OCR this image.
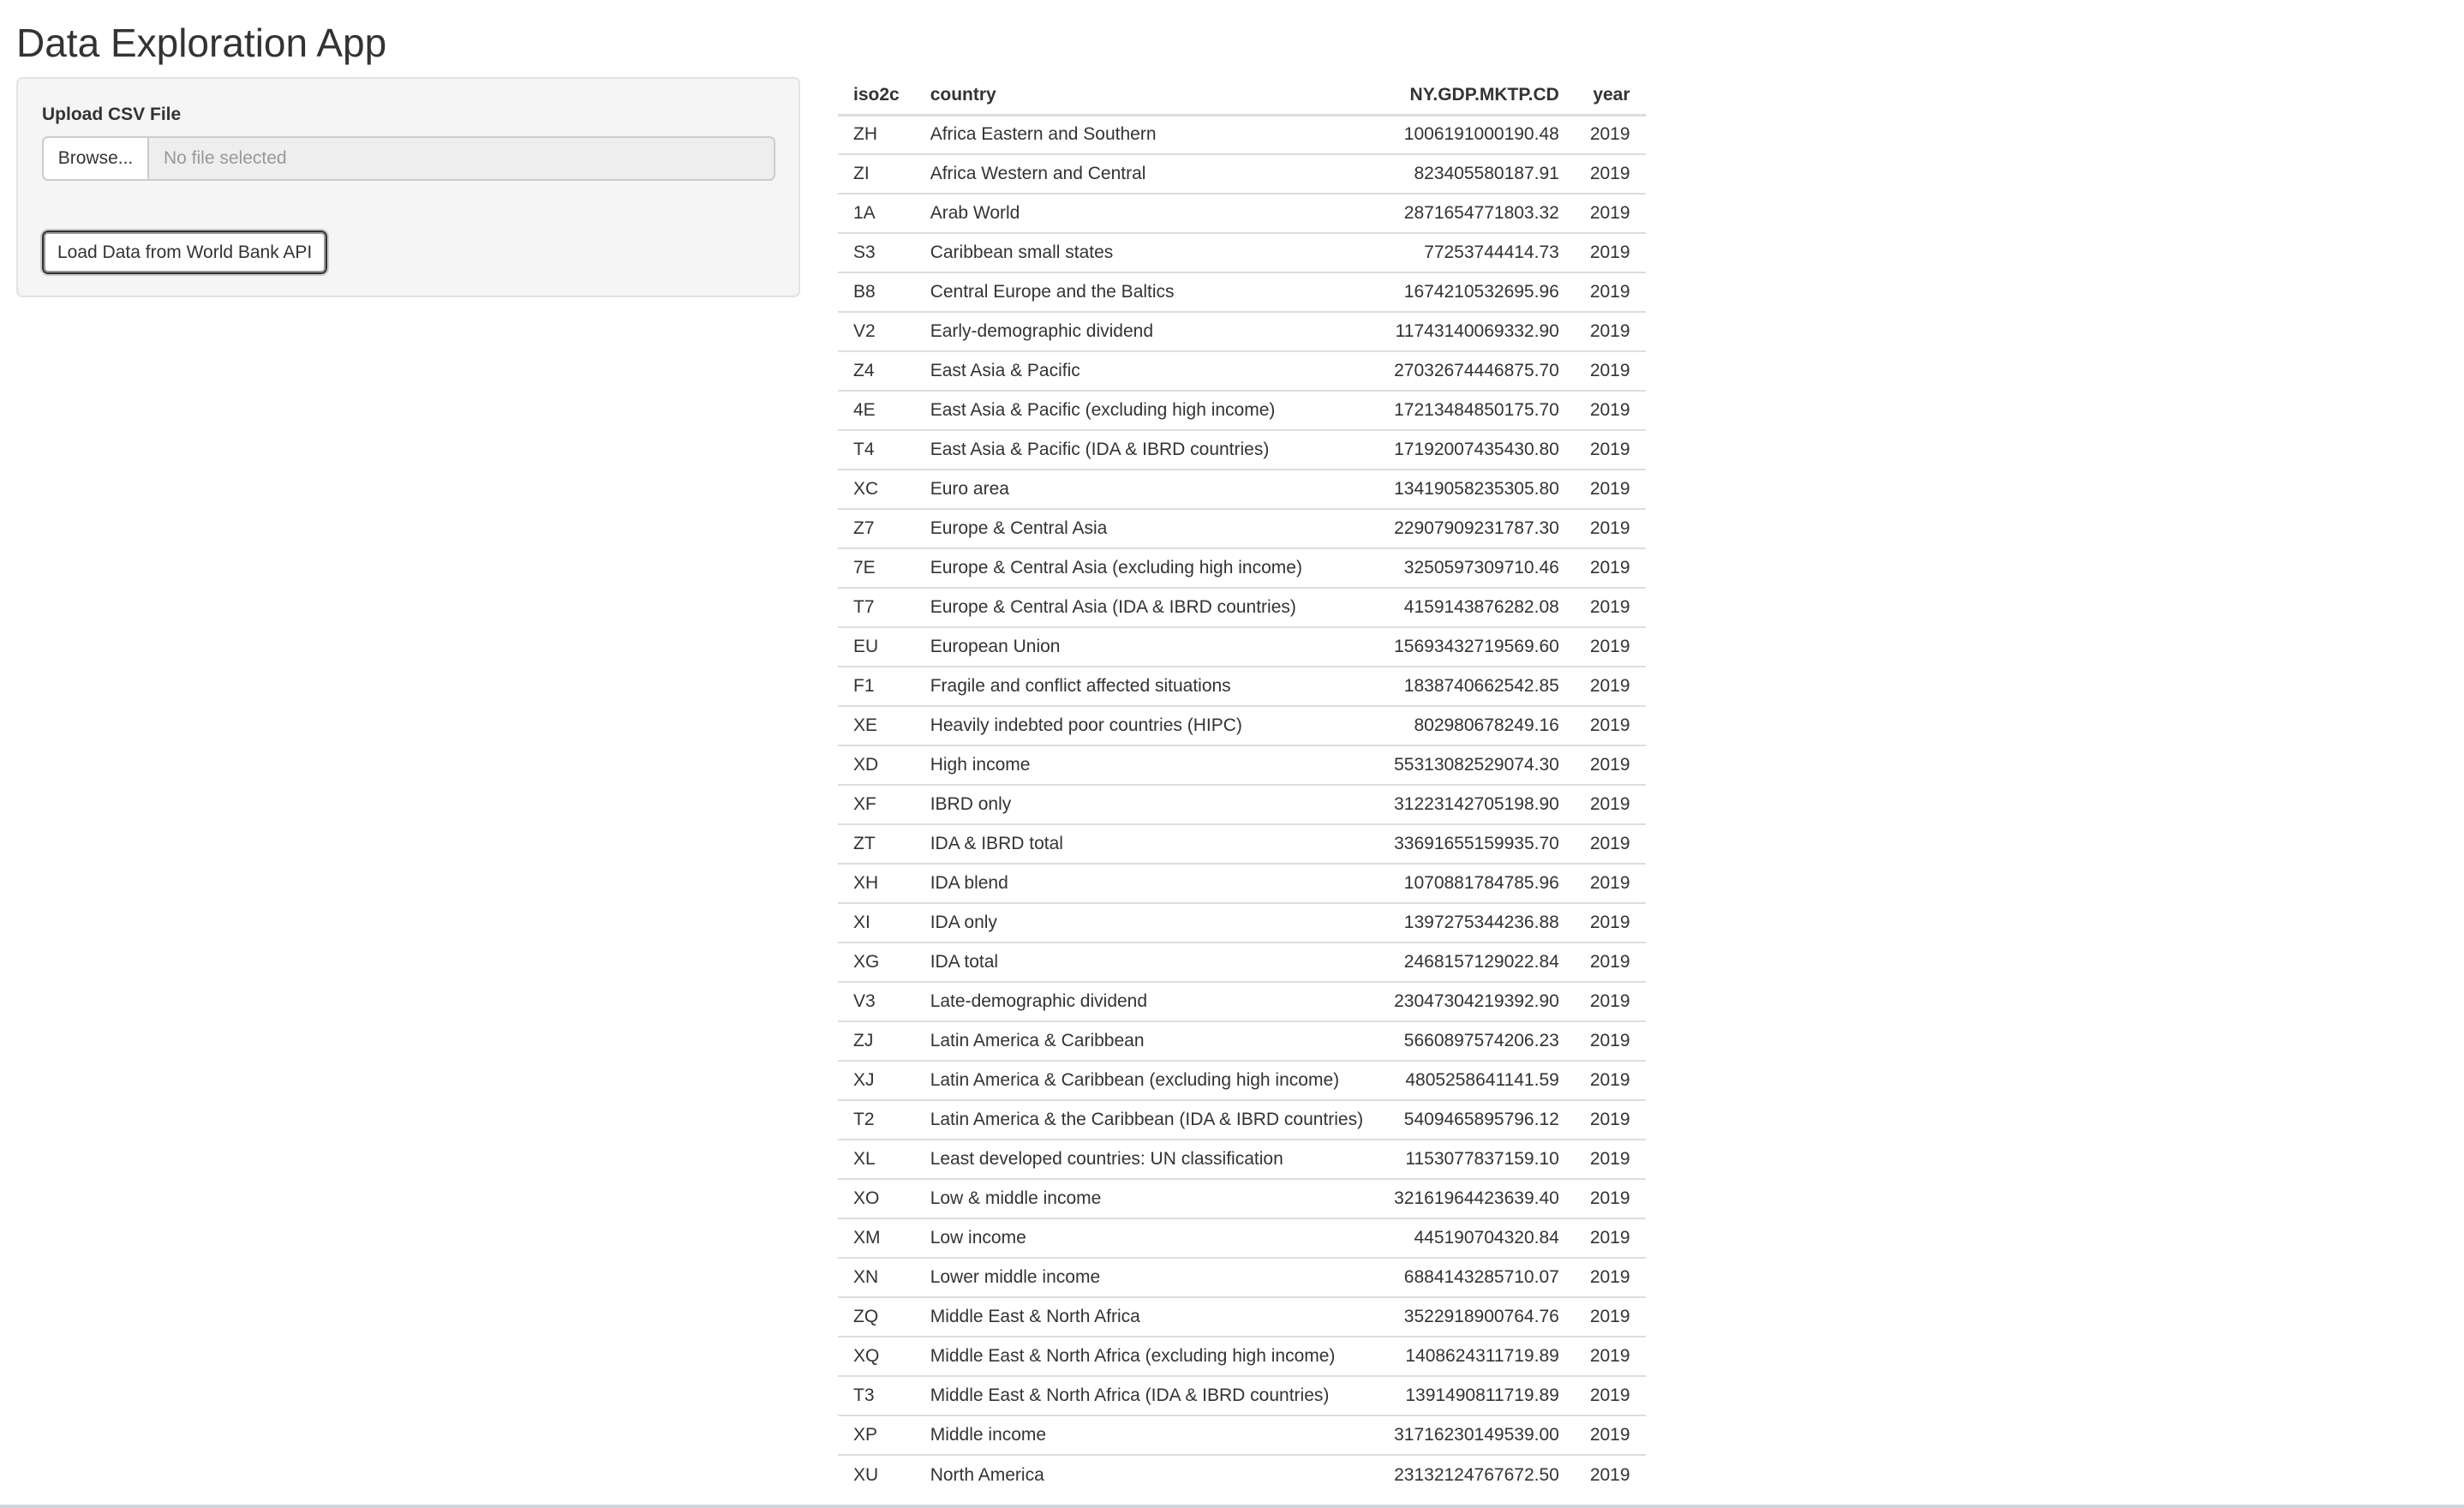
Data Exploration App
Upload CSV File
Browse...	No file selected
Load Data from World Bank API
iso2c	country	NY.GDP.MKTP.CD	year
ZH	Africa Eastern and Southern	1006191000190.48	2019
ZI	Africa Western and Central	823405580187.91	2019
1A	Arab World	2871654771803.32	2019
S3	Caribbean small states	77253744414.73	2019
B8	Central Europe and the Baltics	1674210532695.96	2019
V2	Early-demographic dividend	11743140069332.90	2019
Z4	East Asia & Pacific	27032674446875.70	2019
4E	East Asia & Pacific (excluding high income)	17213484850175.70	2019
T4	East Asia & Pacific (IDA & IBRD countries)	17192007435430.80	2019
XC	Euro area	13419058235305.80	2019
Z7	Europe & Central Asia	22907909231787.30	2019
7E	Europe & Central Asia (excluding high income)	3250597309710.46	2019
T7	Europe & Central Asia (IDA & IBRD countries)	4159143876282.08	2019
EU	European Union	15693432719569.60	2019
F1	Fragile and conflict affected situations	1838740662542.85	2019
XE	Heavily indebted poor countries (HIPC)	802980678249.16	2019
XD	High income	55313082529074.30	2019
XF	IBRD only	31223142705198.90	2019
ZT	IDA & IBRD total	33691655159935.70	2019
XH	IDA blend	1070881784785.96	2019
XI	IDA only	1397275344236.88	2019
XG	IDA total	2468157129022.84	2019
V3	Late-demographic dividend	23047304219392.90	2019
ZJ	Latin America & Caribbean	5660897574206.23	2019
XJ	Latin America & Caribbean (excluding high income)	4805258641141.59	2019
T2	Latin America & the Caribbean (IDA & IBRD countries)	5409465895796.12	2019
XL	Least developed countries: UN classification	1153077837159.10	2019
XO	Low & middle income	32161964423639.40	2019
XM	Low income	445190704320.84	2019
XN	Lower middle income	6884143285710.07	2019
ZQ	Middle East & North Africa	3522918900764.76	2019
XQ	Middle East & North Africa (excluding high income)	1408624311719.89	2019
T3	Middle East & North Africa (IDA & IBRD countries)	1391490811719.89	2019
XP	Middle income	31716230149539.00	2019
XU	North America	23132124767672.50	2019
